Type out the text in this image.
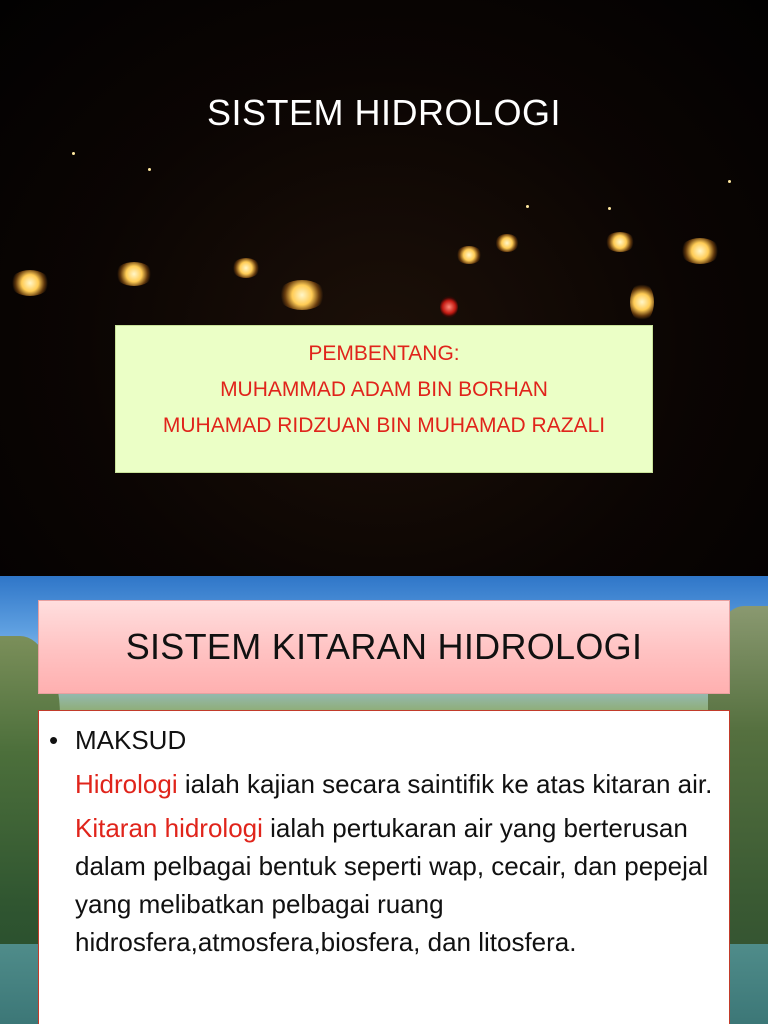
SISTEM HIDROLOGI
PEMBENTANG:
MUHAMMAD ADAM BIN BORHAN
MUHAMAD RIDZUAN BIN MUHAMAD RAZALI
SISTEM KITARAN HIDROLOGI
• MAKSUD
Hidrologi ialah kajian secara saintifik ke atas kitaran air.
Kitaran hidrologi ialah pertukaran air yang berterusan dalam pelbagai bentuk seperti wap, cecair, dan pepejal yang melibatkan pelbagai ruang hidrosfera,atmosfera,biosfera, dan litosfera.
